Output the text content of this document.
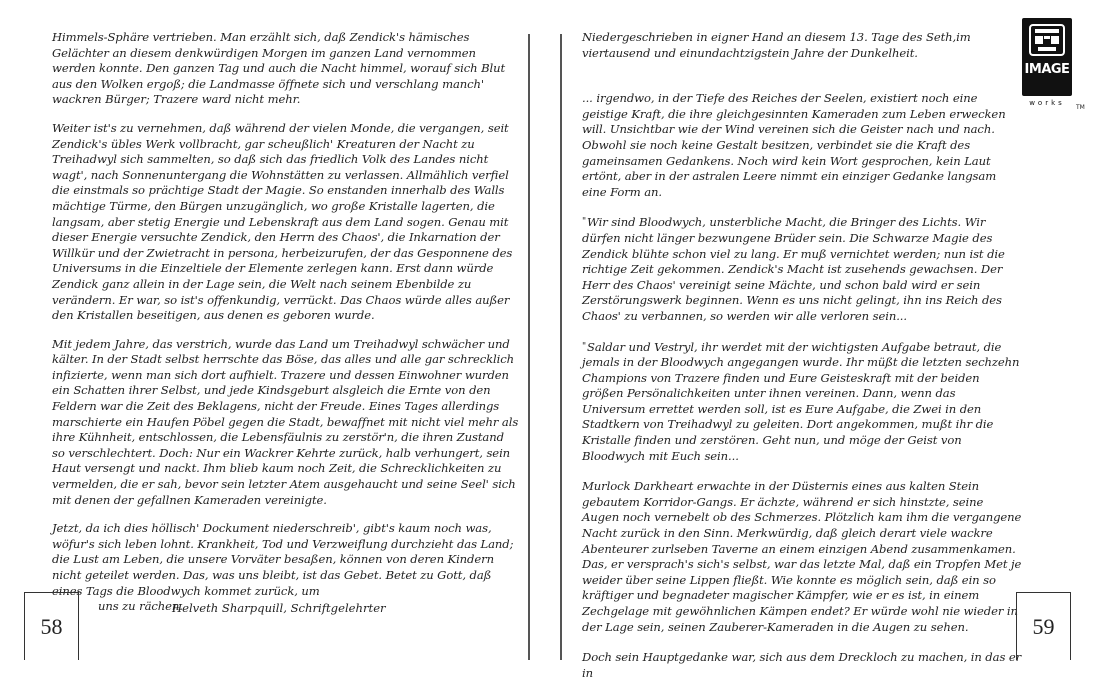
Himmels-Sphäre vertrieben. Man erzählt sich, daß Zendick's hämisches Gelächter an diesem denkwürdigen Morgen im ganzen Land vernommen werden konnte. Den ganzen Tag und auch die Nacht himmel, worauf sich Blut aus den Wolken ergoß; die Landmasse öffnete sich und verschlang manch' wackren Bürger; Trazere ward nicht mehr.

Weiter ist's zu vernehmen, daß während der vielen Monde, die vergangen, seit Zendick's übles Werk vollbracht, gar scheußlich' Kreaturen der Nacht zu Treihadwyl sich sammelten, so daß sich das friedlich Volk des Landes nicht wagt', nach Sonnenuntergang die Wohnstätten zu verlassen. Allmählich verfiel die einstmals so prächtige Stadt der Magie. So enstanden innerhalb des Walls mächtige Türme, den Bürgen unzugänglich, wo große Kristalle lagerten, die langsam, aber stetig Energie und Lebenskraft aus dem Land sogen. Genau mit dieser Energie versuchte Zendick, den Herrn des Chaos', die Inkarnation der Willkür und der Zwietracht in persona, herbeizurufen, der das Gesponnene des Universums in die Einzeltiele der Elemente zerlegen kann. Erst dann würde Zendick ganz allein in der Lage sein, die Welt nach seinem Ebenbilde zu verändern. Er war, so ist's offenkundig, verrückt. Das Chaos würde alles außer den Kristallen beseitigen, aus denen es geboren wurde.

Mit jedem Jahre, das verstrich, wurde das Land um Treihadwyl schwächer und kälter. In der Stadt selbst herrschte das Böse, das alles und alle gar schrecklich infizierte, wenn man sich dort aufhielt. Trazere und dessen Einwohner wurden ein Schatten ihrer Selbst, und jede Kindsgeburt alsgleich die Ernte von den Feldern war die Zeit des Beklagens, nicht der Freude. Eines Tages allerdings marschierte ein Haufen Pöbel gegen die Stadt, bewaffnet mit nicht viel mehr als ihre Kühnheit, entschlossen, die Lebensfäulnis zu zerstör'n, die ihren Zustand so verschlechtert. Doch: Nur ein Wackrer Kehrte zurück, halb verhungert, sein Haut versengt und nackt. Ihm blieb kaum noch Zeit, die Schrecklichkeiten zu vermelden, die er sah, bevor sein letzter Atem ausgehaucht und seine Seel' sich mit denen der gefallnen Kameraden vereinigte.

Jetzt, da ich dies höllisch' Dockument niederschreib', gibt's kaum noch was, wöfur's sich leben lohnt. Krankheit, Tod und Verzweiflung durchzieht das Land; die Lust am Leben, die unsere Vorväter besaßen, können von deren Kindern nicht geteilet werden. Das, was uns bleibt, ist das Gebet. Betet zu Gott, daß eines Tags die Bloodwych kommet zurück, um
uns zu rächen.

Helveth Sharpquill, Schriftgelehrter
58

Niedergeschrieben in eigner Hand an diesem 13. Tage des Seth,im viertausend und einundachtzigstein Jahre der Dunkelheit.

... irgendwo, in der Tiefe des Reiches der Seelen, existiert noch eine geistige Kraft, die ihre gleichgesinnten Kameraden zum Leben erwecken will. Unsichtbar wie der Wind vereinen sich die Geister nach und nach. Obwohl sie noch keine Gestalt besitzen, verbindet sie die Kraft des gameinsamen Gedankens. Noch wird kein Wort gesprochen, kein Laut ertönt, aber in der astralen Leere nimmt ein einziger Gedanke langsam eine Form an.

"Wir sind Bloodwych, unsterbliche Macht, die Bringer des Lichts. Wir dürfen nicht länger bezwungene Brüder sein. Die Schwarze Magie des Zendick blühte schon viel zu lang. Er muß vernichtet werden; nun ist die richtige Zeit gekommen. Zendick's Macht ist zusehends gewachsen. Der Herr des Chaos' vereinigt seine Mächte, und schon bald wird er sein Zerstörungswerk beginnen. Wenn es uns nicht gelingt, ihn ins Reich des Chaos' zu verbannen, so werden wir alle verloren sein...

"Saldar und Vestryl, ihr werdet mit der wichtigsten Aufgabe betraut, die jemals in der Bloodwych angegangen wurde. Ihr müßt die letzten sechzehn Champions von Trazere finden und Eure Geisteskraft mit der beiden größen Persönalichkeiten unter ihnen vereinen. Dann, wenn das Universum errettet werden soll, ist es Eure Aufgabe, die Zwei in den Stadtkern von Treihadwyl zu geleiten. Dort angekommen, mußt ihr die Kristalle finden und zerstören. Geht nun, und möge der Geist von Bloodwych mit Euch sein...

Murlock Darkheart erwachte in der Düsternis eines aus kalten Stein gebautem Korridor-Gangs. Er ächzte, während er sich hinstzte, seine Augen noch vernebelt ob des Schmerzes. Plötzlich kam ihm die vergangene Nacht zurück in den Sinn. Merkwürdig, daß gleich derart viele wackre Abenteurer zurlseben Taverne an einem einzigen Abend zusammenkamen. Das, er versprach's sich's selbst, war das letzte Mal, daß ein Tropfen Met je weider über seine Lippen fließt. Wie konnte es möglich sein, daß ein so kräftiger und begnadeter magischer Kämpfer, wie er es ist, in einem Zechgelage mit gewöhnlichen Kämpen endet? Er würde wohl nie wieder in der Lage sein, seinen Zauberer-Kameraden in die Augen zu sehen.

Doch sein Hauptgedanke war, sich aus dem Dreckloch zu machen, in das er in

59
IMAGE
works
TM
